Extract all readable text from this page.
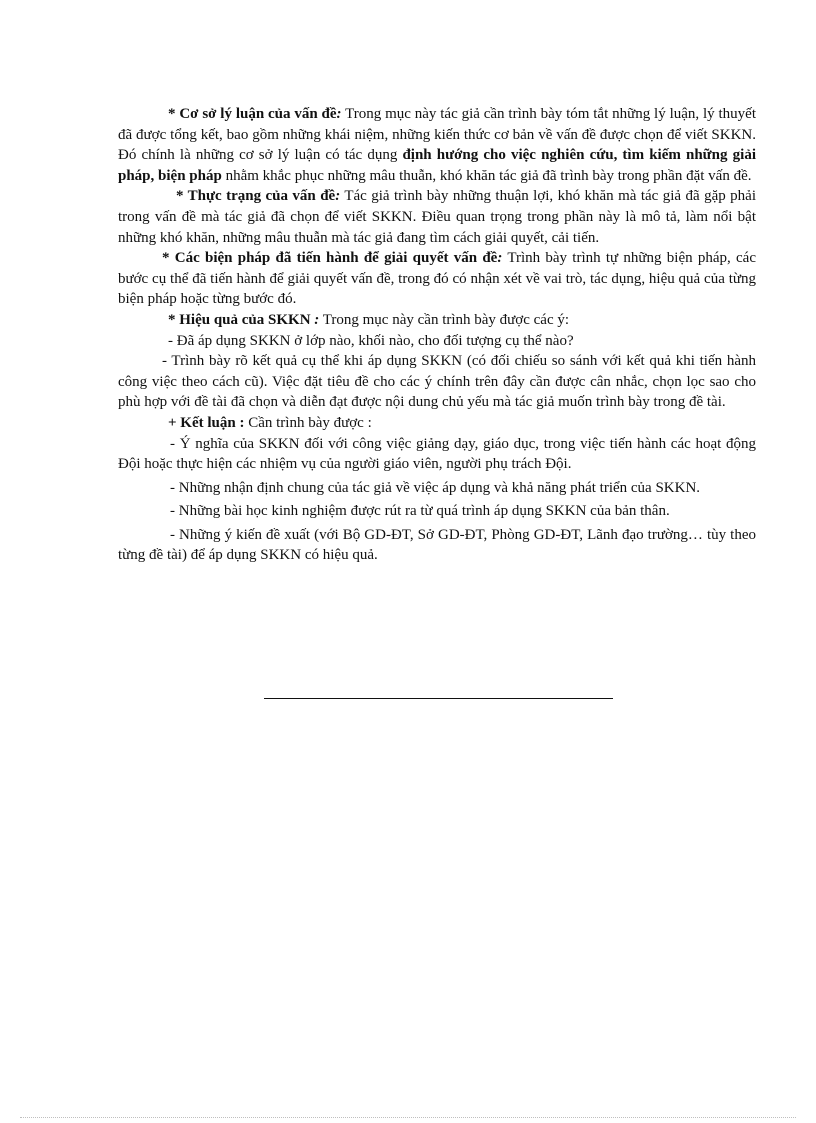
* Cơ sở lý luận của vấn đề: Trong mục này tác giả cần trình bày tóm tắt những lý luận, lý thuyết đã được tổng kết, bao gồm những khái niệm, những kiến thức cơ bản về vấn đề được chọn để viết SKKN. Đó chính là những cơ sở lý luận có tác dụng định hướng cho việc nghiên cứu, tìm kiếm những giải pháp, biện pháp nhằm khắc phục những mâu thuẫn, khó khăn tác giả đã trình bày trong phần đặt vấn đề.

* Thực trạng của vấn đề: Tác giả trình bày những thuận lợi, khó khăn mà tác giả đã gặp phải trong vấn đề mà tác giả đã chọn để viết SKKN. Điều quan trọng trong phần này là mô tả, làm nổi bật những khó khăn, những mâu thuẫn mà tác giả đang tìm cách giải quyết, cải tiến.

* Các biện pháp đã tiến hành để giải quyết vấn đề: Trình bày trình tự những biện pháp, các bước cụ thể đã tiến hành để giải quyết vấn đề, trong đó có nhận xét về vai trò, tác dụng, hiệu quả của từng biện pháp hoặc từng bước đó.

* Hiệu quả của SKKN : Trong mục này cần trình bày được các ý:

- Đã áp dụng SKKN ở lớp nào, khối nào, cho đối tượng cụ thể nào?

- Trình bày rõ kết quả cụ thể khi áp dụng SKKN (có đối chiếu so sánh với kết quả khi tiến hành công việc theo cách cũ). Việc đặt tiêu đề cho các ý chính trên đây cần được cân nhắc, chọn lọc sao cho phù hợp với đề tài đã chọn và diễn đạt được nội dung chủ yếu mà tác giả muốn trình bày trong đề tài.

+ Kết luận : Cần trình bày được :

- Ý nghĩa của SKKN đối với công việc giảng dạy, giáo dục, trong việc tiến hành các hoạt động Đội hoặc thực hiện các nhiệm vụ của người giáo viên, người phụ trách Đội.

- Những nhận định chung của tác giả về việc áp dụng và khả năng phát triển của SKKN.

- Những bài học kinh nghiệm được rút ra từ quá trình áp dụng SKKN của bản thân.

- Những ý kiến đề xuất (với Bộ GD-ĐT, Sở GD-ĐT, Phòng GD-ĐT, Lãnh đạo trường… tùy theo từng đề tài) để áp dụng SKKN có hiệu quả.
